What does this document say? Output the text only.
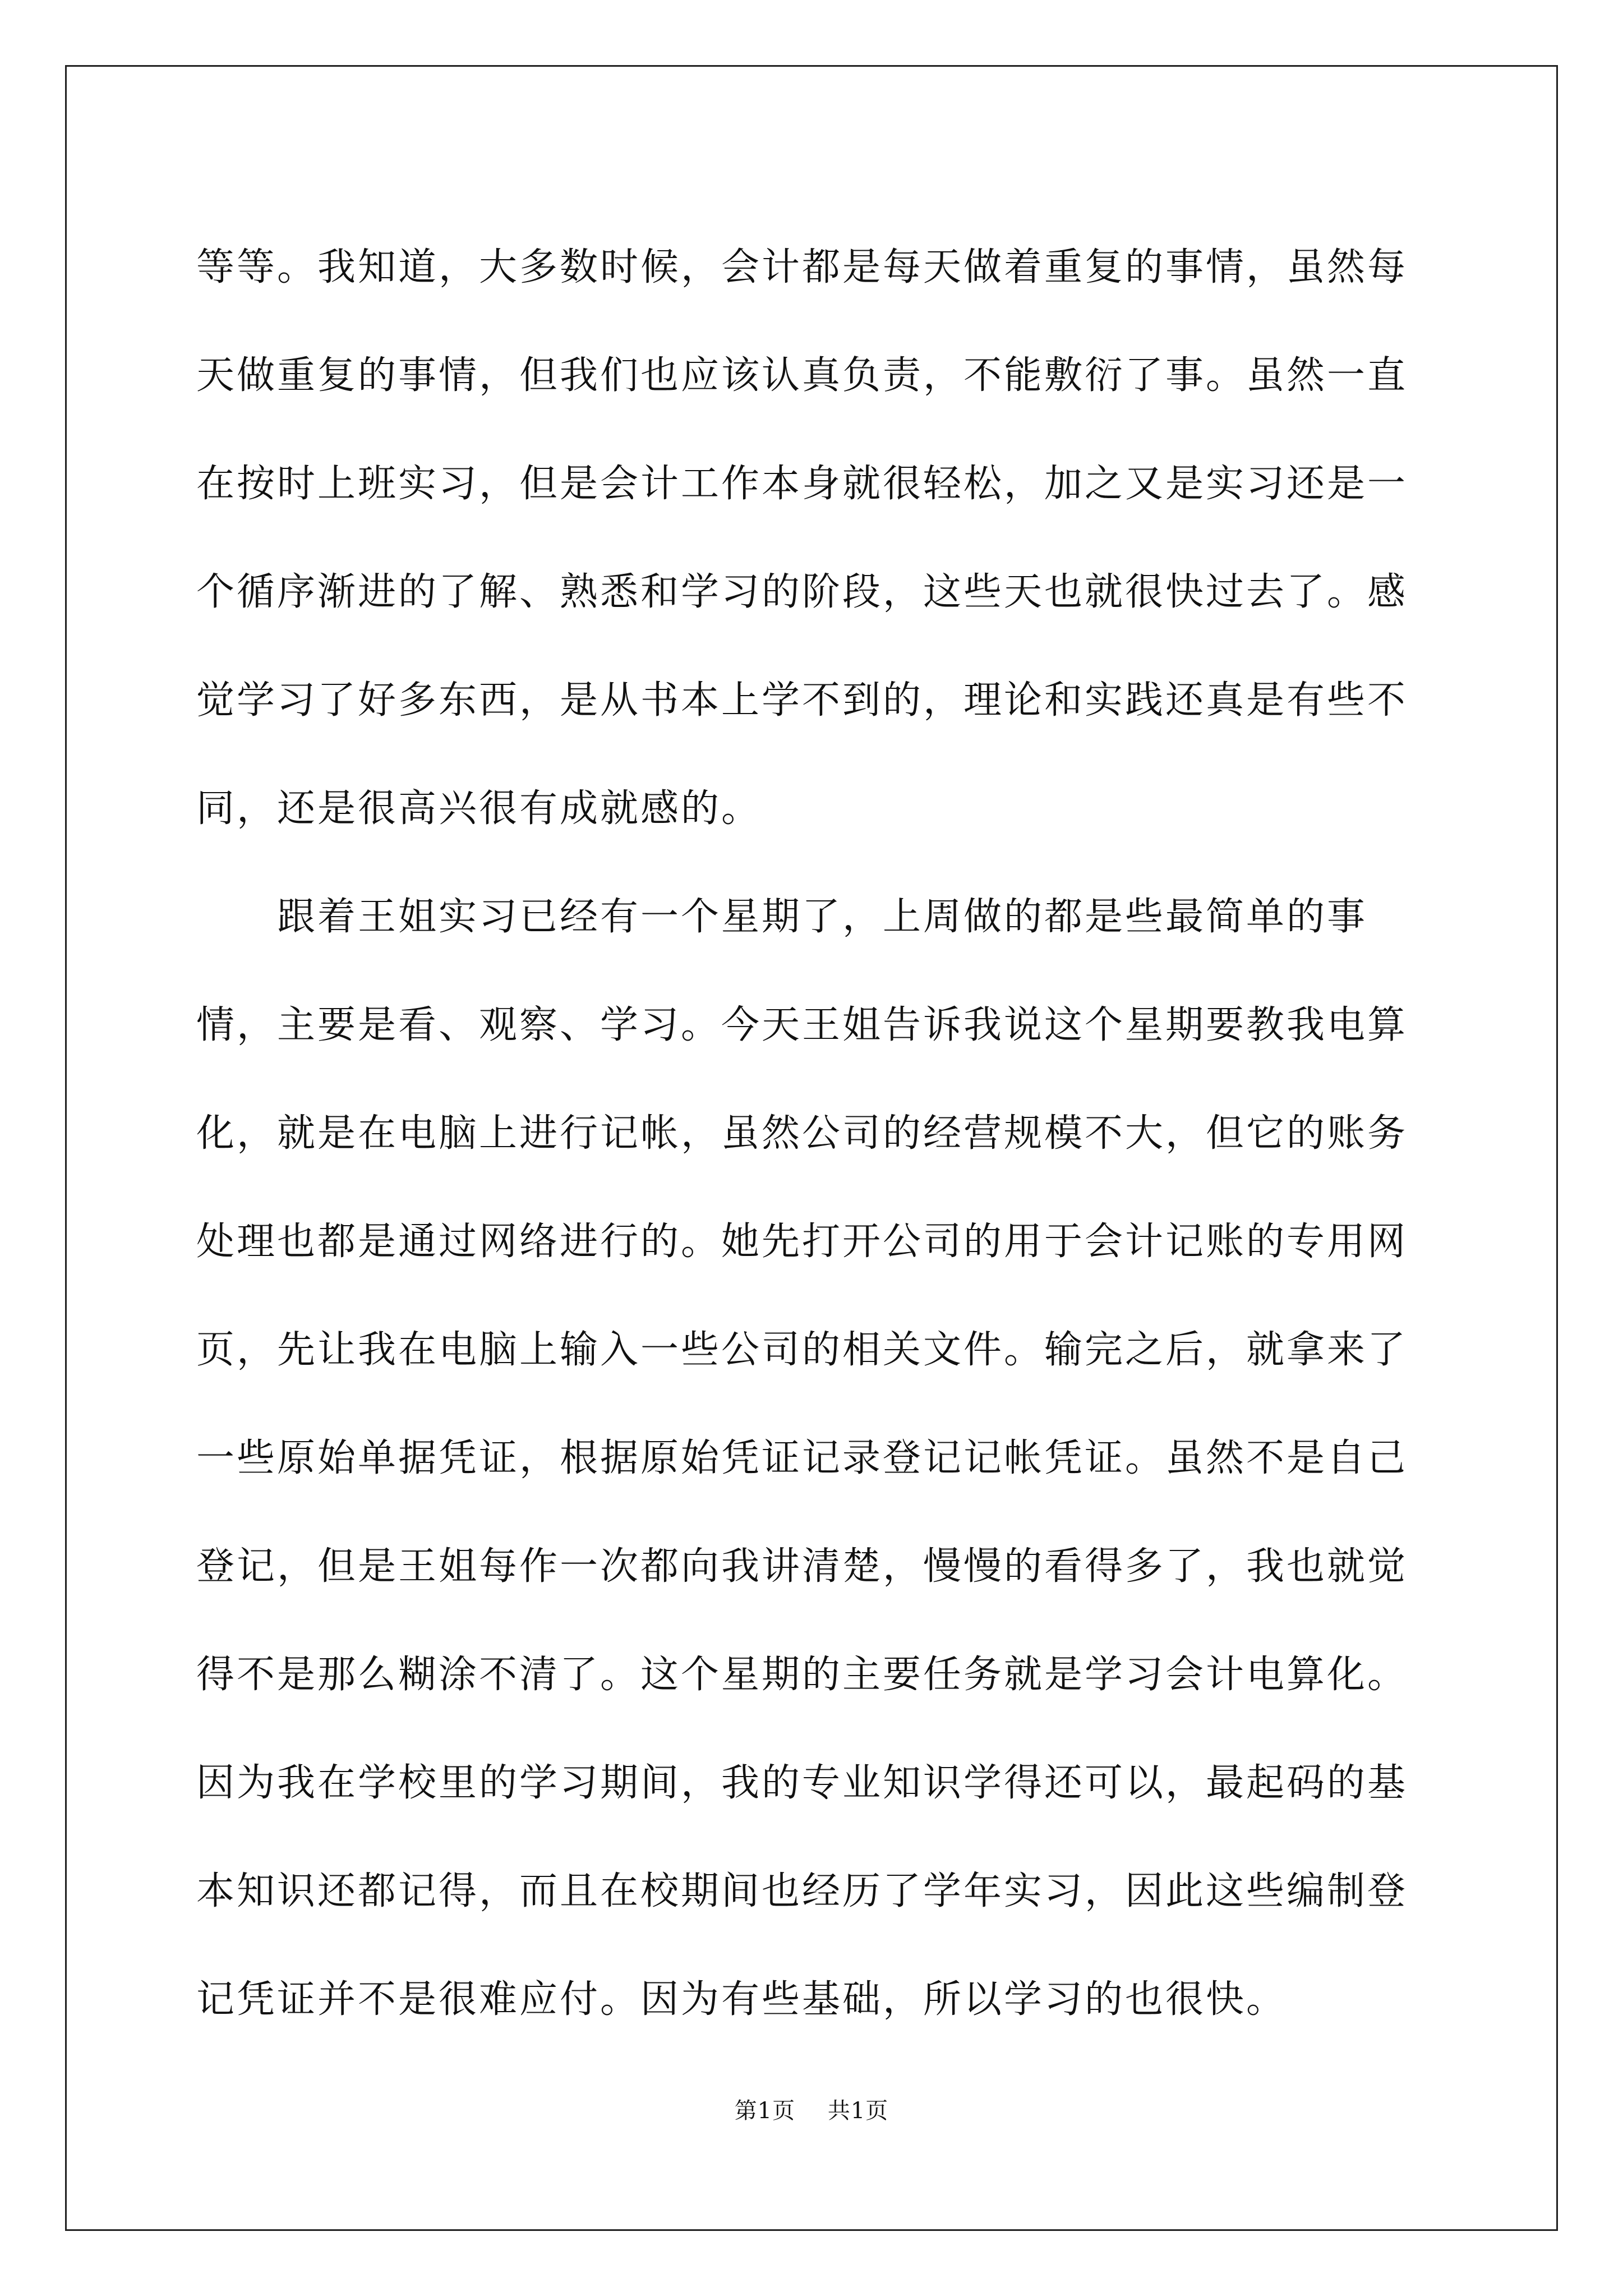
等等。我知道，大多数时候，会计都是每天做着重复的事情，虽然每天做重复的事情，但我们也应该认真负责，不能敷衍了事。虽然一直在按时上班实习，但是会计工作本身就很轻松，加之又是实习还是一个循序渐进的了解、熟悉和学习的阶段，这些天也就很快过去了。感觉学习了好多东西，是从书本上学不到的，理论和实践还真是有些不同，还是很高兴很有成就感的。

跟着王姐实习已经有一个星期了，上周做的都是些最简单的事情，主要是看、观察、学习。今天王姐告诉我说这个星期要教我电算化，就是在电脑上进行记帐，虽然公司的经营规模不大，但它的账务处理也都是通过网络进行的。她先打开公司的用于会计记账的专用网页，先让我在电脑上输入一些公司的相关文件。输完之后，就拿来了一些原始单据凭证，根据原始凭证记录登记记帐凭证。虽然不是自己登记，但是王姐每作一次都向我讲清楚，慢慢的看得多了，我也就觉得不是那么糊涂不清了。这个星期的主要任务就是学习会计电算化。因为我在学校里的学习期间，我的专业知识学得还可以，最起码的基本知识还都记得，而且在校期间也经历了学年实习，因此这些编制登记凭证并不是很难应付。因为有些基础，所以学习的也很快。

第1页 共1页
